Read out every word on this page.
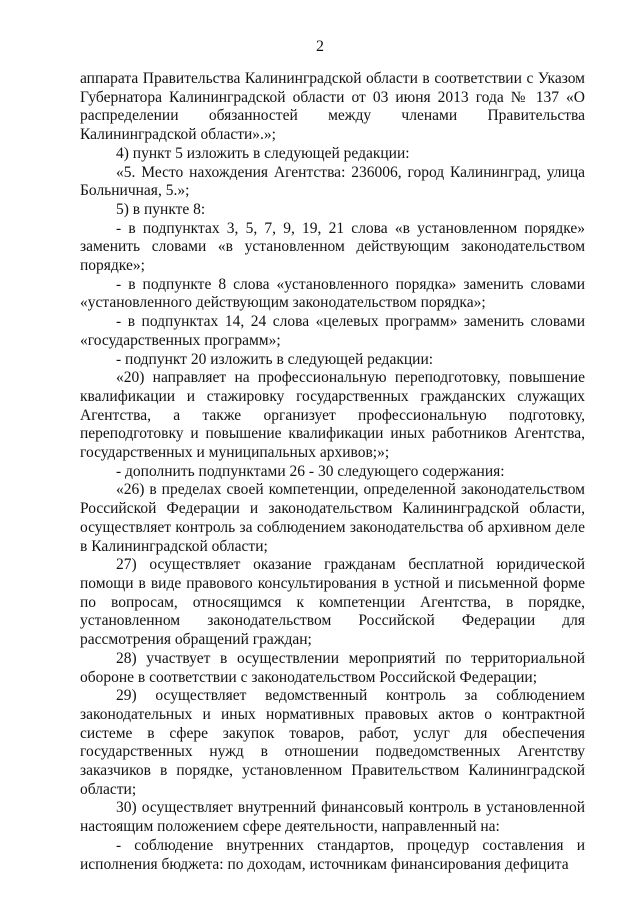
2

аппарата Правительства Калининградской области в соответствии с Указом Губернатора Калининградской области от 03 июня 2013 года № 137 «О распределении обязанностей между членами Правительства Калининградской области».»;

4) пункт 5 изложить в следующей редакции:

«5. Место нахождения Агентства: 236006, город Калининград, улица Больничная, 5.»;

5) в пункте 8:

- в подпунктах 3, 5, 7, 9, 19, 21 слова «в установленном порядке» заменить словами «в установленном действующим законодательством порядке»;

- в подпункте 8 слова «установленного порядка» заменить словами «установленного действующим законодательством порядка»;

- в подпунктах 14, 24 слова «целевых программ» заменить словами «государственных программ»;

- подпункт 20 изложить в следующей редакции:

«20) направляет на профессиональную переподготовку, повышение квалификации и стажировку государственных гражданских служащих Агентства, а также организует профессиональную подготовку, переподготовку и повышение квалификации иных работников Агентства, государственных и муниципальных архивов;»;

- дополнить подпунктами 26 - 30 следующего содержания:

«26) в пределах своей компетенции, определенной законодательством Российской Федерации и законодательством Калининградской области, осуществляет контроль за соблюдением законодательства об архивном деле в Калининградской области;

27) осуществляет оказание гражданам бесплатной юридической помощи в виде правового консультирования в устной и письменной форме по вопросам, относящимся к компетенции Агентства, в порядке, установленном законодательством Российской Федерации для рассмотрения обращений граждан;

28) участвует в осуществлении мероприятий по территориальной обороне в соответствии с законодательством Российской Федерации;

29) осуществляет ведомственный контроль за соблюдением законодательных и иных нормативных правовых актов о контрактной системе в сфере закупок товаров, работ, услуг для обеспечения государственных нужд в отношении подведомственных Агентству заказчиков в порядке, установленном Правительством Калининградской области;

30) осуществляет внутренний финансовый контроль в установленной настоящим положением сфере деятельности, направленный на:

- соблюдение внутренних стандартов, процедур составления и исполнения бюджета: по доходам, источникам финансирования дефицита
